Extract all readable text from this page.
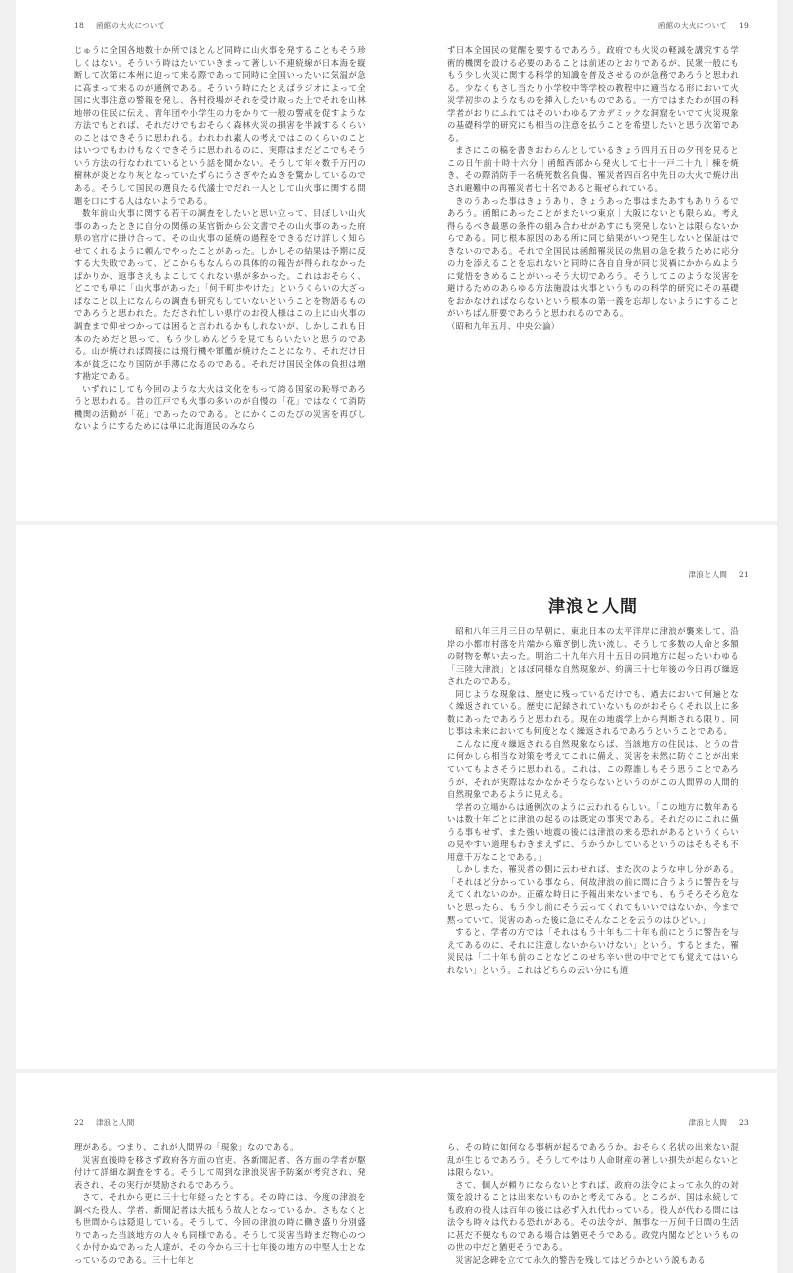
18 函館の大火について

じゅうに全国各地数十か所でほとんど同時に山火事を発することもそう珍しくはない。そういう時はたいていきまって著しい不連続線が日本海を縦断して次第に本州に迫って来る際であって同時に全国いったいに気温が急に高まって来るのが通例である。そういう時にたとえばラジオによって全国に火事注意の警報を発し、各村役場がそれを受け取った上でそれを山林地帯の住民に伝え、青年団や小学生の力をかりて一般の警戒を促すような方法でもとれば、それだけでもおそらく森林火災の損害を半減するくらいのことはできそうに思われる。われわれ素人の考えではこのくらいのことはいつでもわけもなくできそうに思われるのに、実際はまだどこでもそういう方法の行なわれているという話を聞かない。そうして年々数千万円の樹林が炎となり灰となっていたずらにうさぎやたぬきを驚かしているのである。そうして国民の選良たる代議士でだれ一人として山火事に関する問題を口にする人はないようである。

数年前山火事に関する若干の調査をしたいと思い立って、目ぼしい山火事のあったときに自分の関係の某官衙から公文書でその山火事のあった府県の官庁に掛け合って、その山火事の延焼の過程をできるだけ詳しく知らせてくれるように頼んでやったことがあった。しかしその結果は予期に反する大失敗であって、どこからもなんらの具体的の報告が得られなかったばかりか、返事さえもよこしてくれない県が多かった。これはおそらく、どこでも単に「山火事があった」「何千町歩やけた」というくらいの大ざっぱなこと以上になんらの調査も研究もしていないということを物語るものであろうと思われた。ただされ忙しい県庁のお役人様はこの上に山火事の調査まで仰せつかっては困ると言われるかもしれないが、しかしこれも日本のためだと思って、もう少しめんどうを見てもらいたいと思うのである。山が焼ければ間接には飛行機や軍艦が焼けたことになり、それだけ日本が貧乏になり国防が手薄になるのである。それだけ国民全体の負担は増す勘定である。

いずれにしても今回のような大火は文化をもって誇る国家の恥辱であろうと思われる。昔の江戸でも火事の多いのが自慢の「花」ではなくて消防機関の活動が「花」であったのである。とにかくこのたびの災害を再びしないようにするためには単に北海道民のみなら

函館の大火について 19

ず日本全国民の覚醒を要するであろう。政府でも火災の軽減を講究する学術的機関を設ける必要のあることは前述のとおりであるが、民衆一般にももう少し火災に関する科学的知識を普及させるのが急務であろうと思われる。少なくもさし当たり小学校中等学校の教程中に適当なる形において火災学初歩のようなものを挿入したいものである。一方ではまたわが国の科学者がおりにふれてはそのいわゆるアカデミックな洞窟をいでて火災現象の基礎科学的研究にも相当の注意を払うことを希望したいと思う次第である。

まさにこの稿を書きおわらんとしているきょう四月五日の夕刊を見るとこの日午前十時十六分｜函館西部から発火して七十一戸二十九｜棟を焼き、その際消防手一名焼死数名負傷、罹災者四百名中先日の大火で焼け出され避難中の再罹災者七十名であると報ぜられている。

きのうあった事はきょうあり、きょうあった事はまたあすもありうるであろう。函館にあったことがまたいつ東京｜大阪にないとも限らぬ。考え得らるべき最悪の条件の組み合わせがあすにも突発しないとは限らないからである。同じ根本原因のある所に同じ結果がいつ発生しないと保証はできないのである。それで全国民は函館罹災民の焦眉の急を救うために応分の力を添えることを忘れないと同時に各自自身が同じ災禍にかからぬように覚悟をきめることがいっそう大切であろう。そうしてこのような災害を避けるためのあらゆる方法施設は火事というものの科学的研究にその基礎をおかなければならないという根本の第一義を忘却しないようにすることがいちばん肝要であろうと思われるのである。

（昭和九年五月、中央公論）

津浪と人間 21
津浪と人間

昭和八年三月三日の早朝に、東北日本の太平洋岸に津浪が襲来して、沿岸の小都市村落を片端から薙ぎ倒し洗い流し、そうして多数の人命と多額の財物を奪い去った。明治二十九年六月十五日の同地方に起ったいわゆる「三陸大津浪」とほぼ同様な自然現象が、約満三十七年後の今日再び繰返されたのである。

同じような現象は、歴史に残っているだけでも、過去において何遍となく繰返されている。歴史に記録されていないものがおそらくそれ以上に多数にあったであろうと思われる。現在の地震学上から判断される限り、同じ事は未来においても何度となく繰返されるであろうということである。

こんなに度々繰返される自然現象ならば、当該地方の住民は、とうの昔に何かしら相当な対策を考えてこれに備え、災害を未然に防ぐことが出来ていてもよさそうに思われる。これは、この際誰しもそう思うことであろうが、それが実際はなかなかそうならないというのがこの人間界の人間的自然現象であるように見える。

学者の立場からは通例次のように云われるらしい。「この地方に数年あるいは数十年ごとに津浪の起るのは既定の事実である。それだのにこれに備うる事もせず、また強い地震の後には津浪の来る恐れがあるというくらいの見やすい道理もわきまえずに、うかうかしているというのはそもそも不用意千万なことである。」

しかしまた、罹災者の側に云わせれば、また次のような申し分がある。「それほど分かっている事なら、何故津浪の前に間に合うように警告を与えてくれないのか。正確な時日に予報出来ないまでも、もうそろそろ危ないと思ったら、もう少し前にそう云ってくれてもいいではないか、今まで黙っていて、災害のあった後に急にそんなことを云うのはひどい。」

すると、学者の方では「それはもう十年も二十年も前にとうに警告を与えてあるのに、それに注意しないからいけない」という。するとまた、罹災民は「二十年も前のことなどこのせち辛い世の中でとても覚えてはいられない」という。これはどちらの云い分にも道

22 津浪と人間

理がある。つまり、これが人間界の「現象」なのである。

災害直後時を移さず政府各方面の官吏、各新聞記者、各方面の学者が駆付けて詳細な調査をする。そうして周到な津浪災害予防案が考究され、発表され、その実行が奨励されるであろう。

さて、それから更に三十七年経ったとする。その時には、今度の津浪を調べた役人、学者、新聞記者は大抵もう故人となっているか、さもなくとも世間からは隠退している。そうして、今回の津浪の時に働き盛り分別盛りであった当該地方の人々も同様である。そうして災害当時まだ物心のつくか付かぬであった人達が、その今から三十七年後の地方の中堅人士となっているのである。三十七年と

津浪と人間 23

ら、その時に如何なる事柄が起るであろうか。おそらく名状の出来ない混乱が生じるであろう。そうしてやはり人命財産の著しい損失が起らないとは限らない。

さて、個人が頼りにならないとすれば、政府の法令によって永久的の対策を設けることは出来ないものかと考えてみる。ところが、国は永続しても政府の役人は百年の後には必ず入れ代わっている。役人が代わる間には法令も時々は代わる恐れがある。その法令が、無事な一万何千日間の生活に甚だ不便なものである場合は猶更そうである。政党内閣などというものの世の中だと猶更そうである。

災害記念碑を立てて永久的警告を残してはどうかという説もある
